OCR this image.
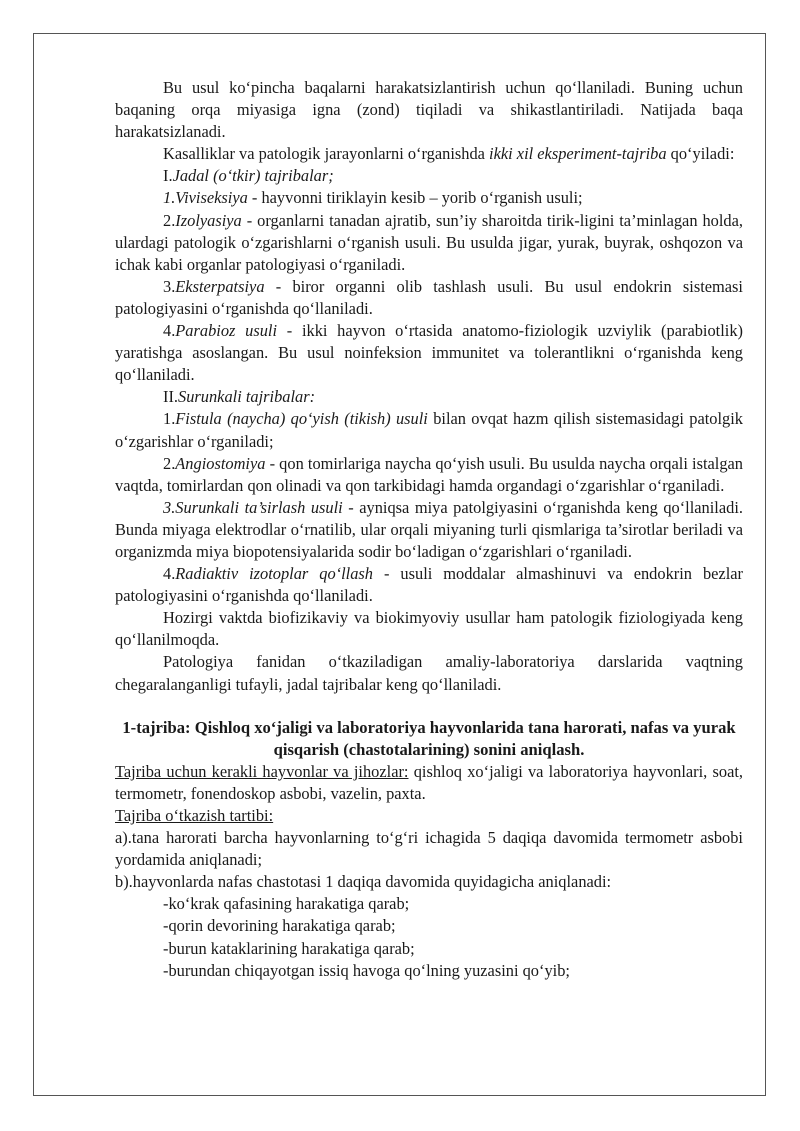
Bu usul ko‘pincha baqalarni harakatsizlantirish uchun qo‘llaniladi. Buning uchun baqaning orqa miyasiga igna (zond) tiqiladi va shikastlantiriladi. Natijada baqa harakatsizlanadi.

Kasalliklar va patologik jarayonlarni o‘rganishda ikki xil eksperiment-tajriba qo‘yiladi:

I.Jadal (o‘tkir) tajribalar;

1.Viviseksiya - hayvonni tiriklayin kesib – yorib o‘rganish usuli;

2.Izolyasiya - organlarni tanadan ajratib, sun’iy sharoitda tirik-ligini ta’minlagan holda, ulardagi patologik o‘zgarishlarni o‘rganish usuli. Bu usulda jigar, yurak, buyrak, oshqozon va ichak kabi organlar patologiyasi o‘rganiladi.

3.Eksterpatsiya - biror organni olib tashlash usuli. Bu usul endokrin sistemasi patologiyasini o‘rganishda qo‘llaniladi.

4.Parabioz usuli - ikki hayvon o‘rtasida anatomo-fiziologik uzviylik (parabiotlik) yaratishga asoslangan. Bu usul noinfeksion immunitet va tolerantlikni o‘rganishda keng qo‘llaniladi.

II.Surunkali tajribalar:

1.Fistula (naycha) qo‘yish (tikish) usuli bilan ovqat hazm qilish sistemasidagi patolgik o‘zgarishlar o‘rganiladi;

2.Angiostomiya - qon tomirlariga naycha qo‘yish usuli. Bu usulda naycha orqali istalgan vaqtda, tomirlardan qon olinadi va qon tarkibidagi hamda organdagi o‘zgarishlar o‘rganiladi.

3.Surunkali ta’sirlash usuli - ayniqsa miya patolgiyasini o‘rganishda keng qo‘llaniladi. Bunda miyaga elektrodlar o‘rnatilib, ular orqali miyaning turli qismlariga ta’sirotlar beriladi va organizmda miya biopotensiyalarida sodir bo‘ladigan o‘zgarishlari o‘rganiladi.

4.Radiaktiv izotoplar qo‘llash - usuli moddalar almashinuvi va endokrin bezlar patologiyasini o‘rganishda qo‘llaniladi.

Hozirgi vaktda biofizikaviy va biokimyoviy usullar ham patologik fiziologiyada keng qo‘llanilmoqda.

Patologiya fanidan o‘tkaziladigan amaliy-laboratoriya darslarida vaqtning chegaralanganligi tufayli, jadal tajribalar keng qo‘llaniladi.

1-tajriba: Qishloq xo‘jaligi va laboratoriya hayvonlarida tana harorati, nafas va yurak qisqarish (chastotalarining) sonini aniqlash.

Tajriba uchun kerakli hayvonlar va jihozlar: qishloq xo‘jaligi va laboratoriya hayvonlari, soat, termometr, fonendoskop asbobi, vazelin, paxta.

Tajriba o‘tkazish tartibi:

a).tana harorati barcha hayvonlarning to‘g‘ri ichagida 5 daqiqa davomida termometr asbobi yordamida aniqlanadi;

b).hayvonlarda nafas chastotasi 1 daqiqa davomida quyidagicha aniqlanadi:

-ko‘krak qafasining harakatiga qarab;

-qorin devorining harakatiga qarab;

-burun kataklarining harakatiga qarab;

-burundan chiqayotgan issiq havoga qo‘lning yuzasini qo‘yib;
